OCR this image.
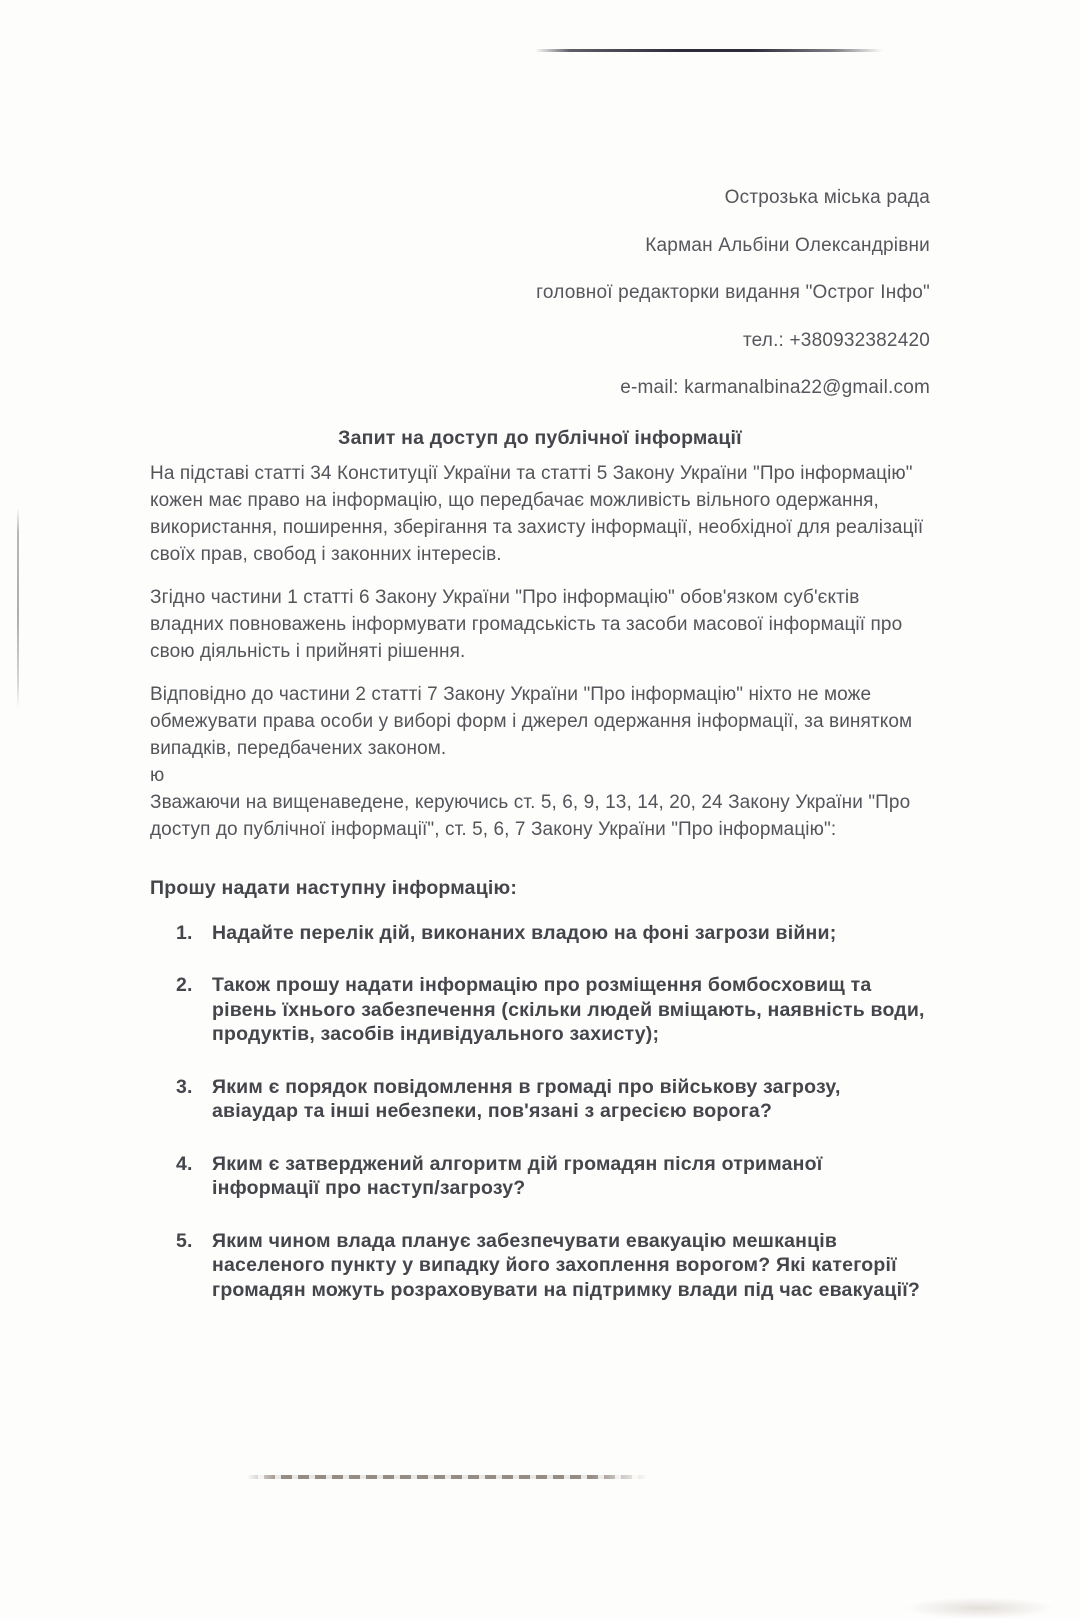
Острозька міська рада

Карман Альбіни Олександрівни

головної редакторки видання "Острог Інфо"

тел.: +380932382420

e-mail: karmanalbina22@gmail.com

Запит на доступ до публічної інформації

На підставі статті 34 Конституції України та статті 5 Закону України "Про інформацію" кожен має право на інформацію, що передбачає можливість вільного одержання, використання, поширення, зберігання та захисту інформації, необхідної для реалізації своїх прав, свобод і законних інтересів.

Згідно частини 1 статті 6 Закону України "Про інформацію" обов'язком суб'єктів владних повноважень інформувати громадськість та засоби масової інформації про свою діяльність і прийняті рішення.

Відповідно до частини 2 статті 7 Закону України "Про інформацію" ніхто не може обмежувати права особи у виборі форм і джерел одержання інформації, за винятком випадків, передбачених законом.

ю

Зважаючи на вищенаведене, керуючись ст. 5, 6, 9, 13, 14, 20, 24 Закону України "Про доступ до публічної інформації", ст. 5, 6, 7 Закону України "Про інформацію":

Прошу надати наступну інформацію:

Надайте перелік дій, виконаних владою на фоні загрози війни;
Також прошу надати інформацію про розміщення бомбосховищ та рівень їхнього забезпечення (скільки людей вміщають, наявність води, продуктів, засобів індивідуального захисту);
Яким є порядок повідомлення в громаді про військову загрозу, авіаудар та інші небезпеки, пов'язані з агресією ворога?
Яким є затверджений алгоритм дій громадян після отриманої інформації про наступ/загрозу?
Яким чином влада планує забезпечувати евакуацію мешканців населеного пункту у випадку його захоплення ворогом? Які категорії громадян можуть розраховувати на підтримку влади під час евакуації?
